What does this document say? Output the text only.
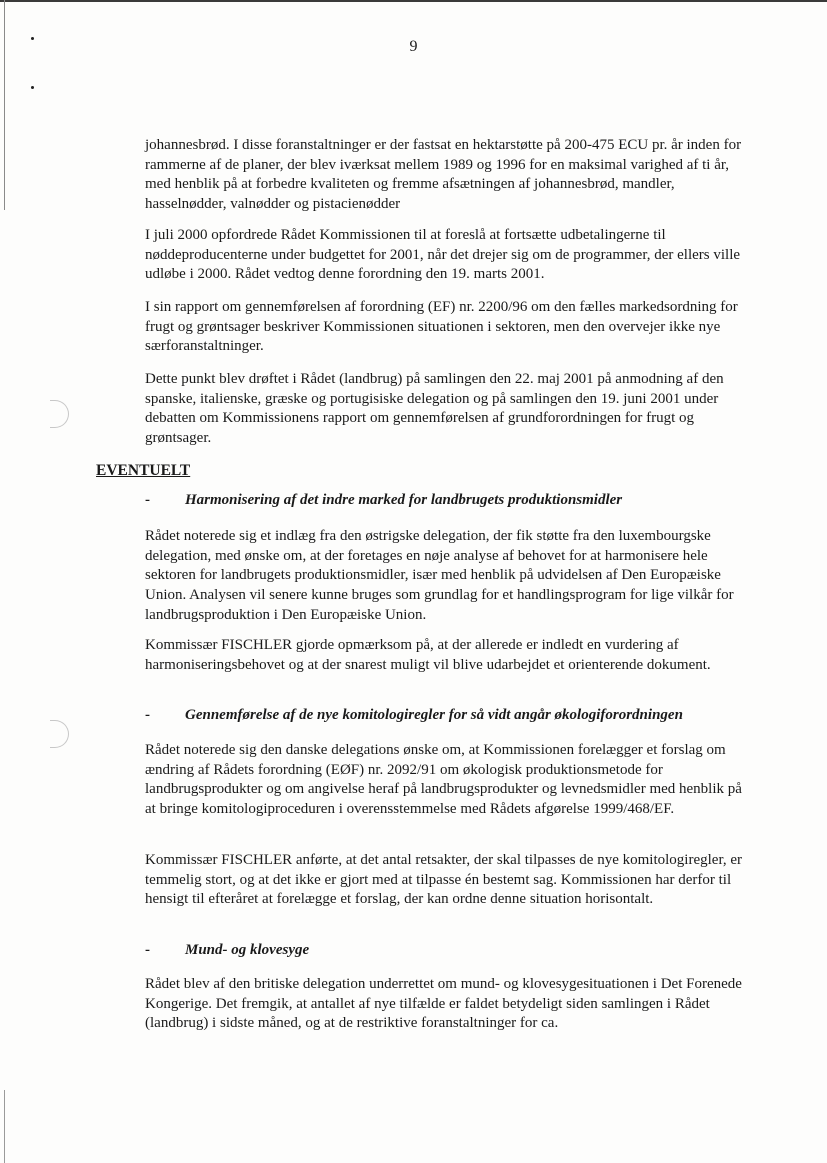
9

johannesbrød. I disse foranstaltninger er der fastsat en hektarstøtte på 200-475 ECU pr. år inden for rammerne af de planer, der blev iværksat mellem 1989 og 1996 for en maksimal varighed af ti år, med henblik på at forbedre kvaliteten og fremme afsætningen af johannesbrød, mandler, hasselnødder, valnødder og pistacienødder

I juli 2000 opfordrede Rådet Kommissionen til at foreslå at fortsætte udbetalingerne til nøddeproducenterne under budgettet for 2001, når det drejer sig om de programmer, der ellers ville udløbe i 2000. Rådet vedtog denne forordning den 19. marts 2001.

I sin rapport om gennemførelsen af forordning (EF) nr. 2200/96 om den fælles markedsordning for frugt og grøntsager beskriver Kommissionen situationen i sektoren, men den overvejer ikke nye særforanstaltninger.

Dette punkt blev drøftet i Rådet (landbrug) på samlingen den 22. maj 2001 på anmodning af den spanske, italienske, græske og portugisiske delegation og på samlingen den 19. juni 2001 under debatten om Kommissionens rapport om gennemførelsen af grundforordningen for frugt og grøntsager.

EVENTUELT

- Harmonisering af det indre marked for landbrugets produktionsmidler

Rådet noterede sig et indlæg fra den østrigske delegation, der fik støtte fra den luxembourgske delegation, med ønske om, at der foretages en nøje analyse af behovet for at harmonisere hele sektoren for landbrugets produktionsmidler, især med henblik på udvidelsen af Den Europæiske Union. Analysen vil senere kunne bruges som grundlag for et handlingsprogram for lige vilkår for landbrugsproduktion i Den Europæiske Union.

Kommissær FISCHLER gjorde opmærksom på, at der allerede er indledt en vurdering af harmoniseringsbehovet og at der snarest muligt vil blive udarbejdet et orienterende dokument.

- Gennemførelse af de nye komitologiregler for så vidt angår økologiforordningen

Rådet noterede sig den danske delegations ønske om, at Kommissionen forelægger et forslag om ændring af Rådets forordning (EØF) nr. 2092/91 om økologisk produktionsmetode for landbrugsprodukter og om angivelse heraf på landbrugsprodukter og levnedsmidler med henblik på at bringe komitologiproceduren i overensstemmelse med Rådets afgørelse 1999/468/EF.

Kommissær FISCHLER anførte, at det antal retsakter, der skal tilpasses de nye komitologiregler, er temmelig stort, og at det ikke er gjort med at tilpasse én bestemt sag. Kommissionen har derfor til hensigt til efteråret at forelægge et forslag, der kan ordne denne situation horisontalt.

- Mund- og klovesyge

Rådet blev af den britiske delegation underrettet om mund- og klovesygesituationen i Det Forenede Kongerige. Det fremgik, at antallet af nye tilfælde er faldet betydeligt siden samlingen i Rådet (landbrug) i sidste måned, og at de restriktive foranstaltninger for ca.
